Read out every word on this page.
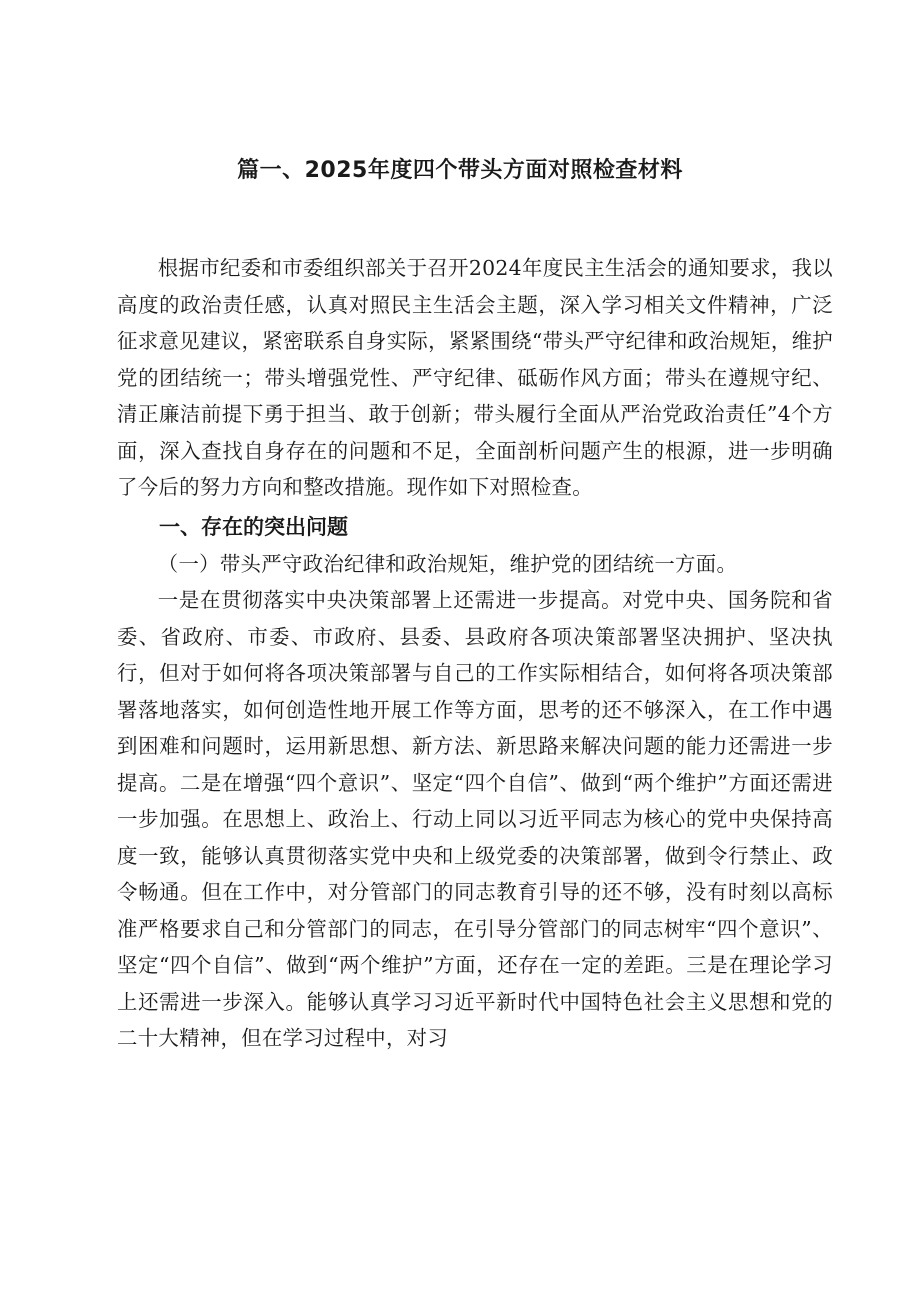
篇一、2025年度四个带头方面对照检查材料

根据市纪委和市委组织部关于召开2024年度民主生活会的通知要求，我以高度的政治责任感，认真对照民主生活会主题，深入学习相关文件精神，广泛征求意见建议，紧密联系自身实际，紧紧围绕“带头严守纪律和政治规矩，维护党的团结统一；带头增强党性、严守纪律、砥砺作风方面；带头在遵规守纪、清正廉洁前提下勇于担当、敢于创新；带头履行全面从严治党政治责任”4个方面，深入查找自身存在的问题和不足，全面剖析问题产生的根源，进一步明确了今后的努力方向和整改措施。现作如下对照检查。

一、存在的突出问题
（一）带头严守政治纪律和政治规矩，维护党的团结统一方面。

一是在贯彻落实中央决策部署上还需进一步提高。对党中央、国务院和省委、省政府、市委、市政府、县委、县政府各项决策部署坚决拥护、坚决执行，但对于如何将各项决策部署与自己的工作实际相结合，如何将各项决策部署落地落实，如何创造性地开展工作等方面，思考的还不够深入，在工作中遇到困难和问题时，运用新思想、新方法、新思路来解决问题的能力还需进一步提高。二是在增强“四个意识”、坚定“四个自信”、做到“两个维护”方面还需进一步加强。在思想上、政治上、行动上同以习近平同志为核心的党中央保持高度一致，能够认真贯彻落实党中央和上级党委的决策部署，做到令行禁止、政令畅通。但在工作中，对分管部门的同志教育引导的还不够，没有时刻以高标准严格要求自己和分管部门的同志，在引导分管部门的同志树牢“四个意识”、坚定“四个自信”、做到“两个维护”方面，还存在一定的差距。三是在理论学习上还需进一步深入。能够认真学习习近平新时代中国特色社会主义思想和党的二十大精神，但在学习过程中，对习
